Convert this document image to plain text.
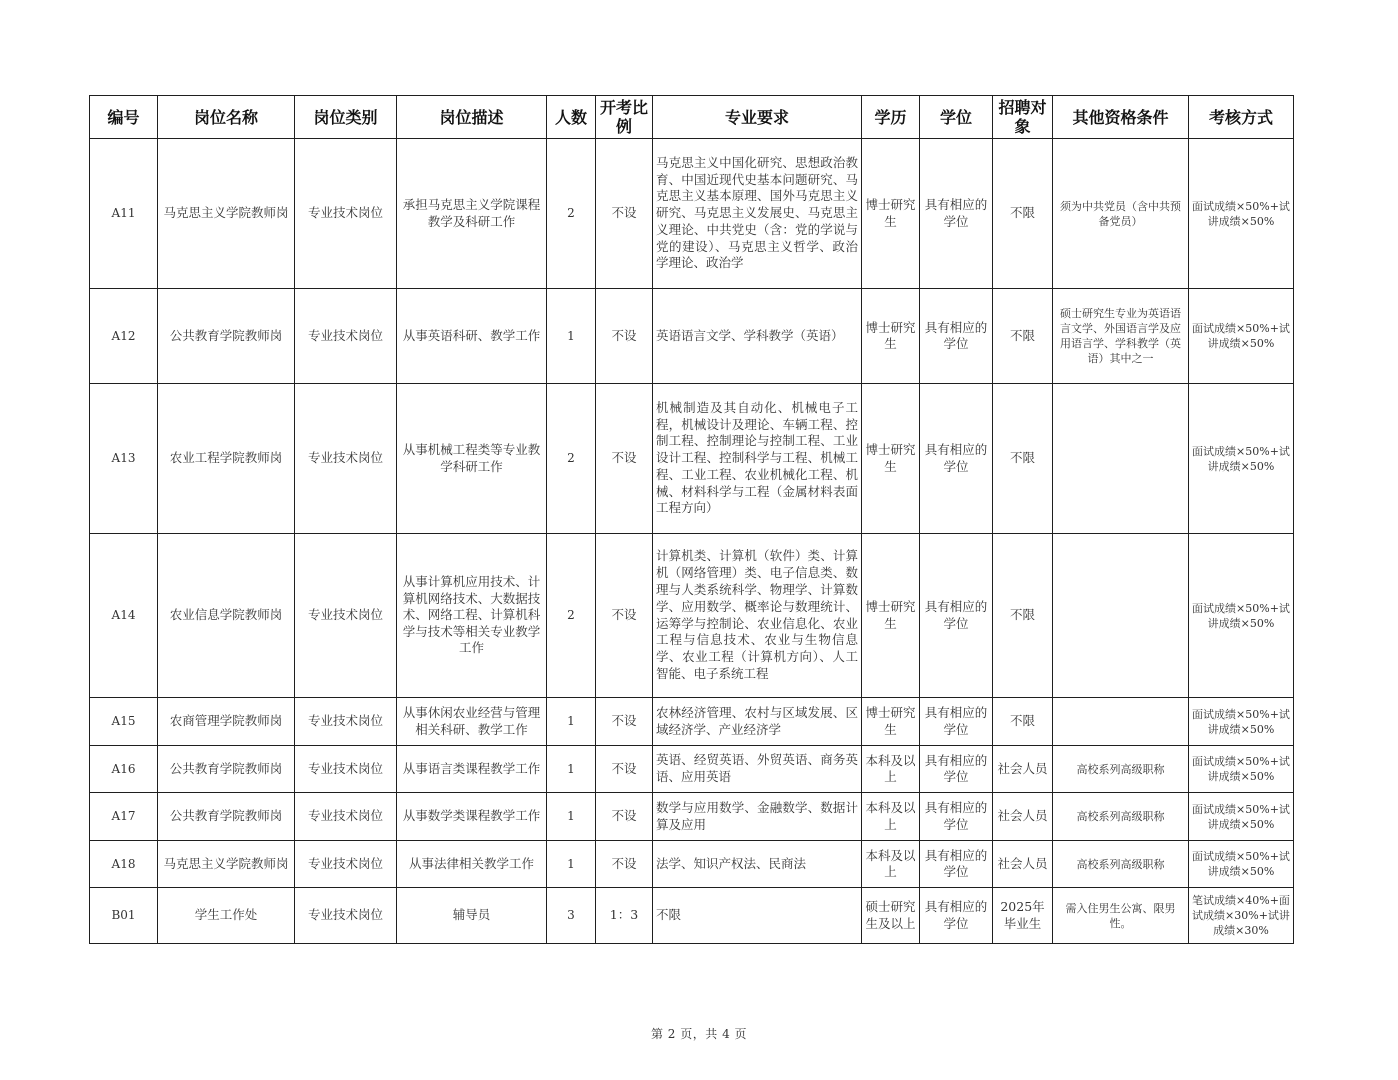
编号	岗位名称	岗位类别	岗位描述	人数	开考比例	专业要求	学历	学位	招聘对象	其他资格条件	考核方式
A11	马克思主义学院教师岗	专业技术岗位	承担马克思主义学院课程教学及科研工作	2	不设	马克思主义中国化研究、思想政治教育、中国近现代史基本问题研究、马克思主义基本原理、国外马克思主义研究、马克思主义发展史、马克思主义理论、中共党史（含：党的学说与党的建设）、马克思主义哲学、政治学理论、政治学	博士研究生	具有相应的学位	不限	须为中共党员（含中共预备党员）	面试成绩×50%+试讲成绩×50%
A12	公共教育学院教师岗	专业技术岗位	从事英语科研、教学工作	1	不设	英语语言文学、学科教学（英语）	博士研究生	具有相应的学位	不限	硕士研究生专业为英语语言文学、外国语言学及应用语言学、学科教学（英语）其中之一	面试成绩×50%+试讲成绩×50%
A13	农业工程学院教师岗	专业技术岗位	从事机械工程类等专业教学科研工作	2	不设	机械制造及其自动化、机械电子工程，机械设计及理论、车辆工程、控制工程、控制理论与控制工程、工业设计工程、控制科学与工程、机械工程、工业工程、农业机械化工程、机械、材料科学与工程（金属材料表面工程方向）	博士研究生	具有相应的学位	不限		面试成绩×50%+试讲成绩×50%
A14	农业信息学院教师岗	专业技术岗位	从事计算机应用技术、计算机网络技术、大数据技术、网络工程、计算机科学与技术等相关专业教学工作	2	不设	计算机类、计算机（软件）类、计算机（网络管理）类、电子信息类、数理与人类系统科学、物理学、计算数学、应用数学、概率论与数理统计、运筹学与控制论、农业信息化、农业工程与信息技术、农业与生物信息学、农业工程（计算机方向）、人工智能、电子系统工程	博士研究生	具有相应的学位	不限		面试成绩×50%+试讲成绩×50%
A15	农商管理学院教师岗	专业技术岗位	从事休闲农业经营与管理相关科研、教学工作	1	不设	农林经济管理、农村与区域发展、区域经济学、产业经济学	博士研究生	具有相应的学位	不限		面试成绩×50%+试讲成绩×50%
A16	公共教育学院教师岗	专业技术岗位	从事语言类课程教学工作	1	不设	英语、经贸英语、外贸英语、商务英语、应用英语	本科及以上	具有相应的学位	社会人员	高校系列高级职称	面试成绩×50%+试讲成绩×50%
A17	公共教育学院教师岗	专业技术岗位	从事数学类课程教学工作	1	不设	数学与应用数学、金融数学、数据计算及应用	本科及以上	具有相应的学位	社会人员	高校系列高级职称	面试成绩×50%+试讲成绩×50%
A18	马克思主义学院教师岗	专业技术岗位	从事法律相关教学工作	1	不设	法学、知识产权法、民商法	本科及以上	具有相应的学位	社会人员	高校系列高级职称	面试成绩×50%+试讲成绩×50%
B01	学生工作处	专业技术岗位	辅导员	3	1：3	不限	硕士研究生及以上	具有相应的学位	2025年毕业生	需入住男生公寓、限男性。	笔试成绩×40%+面试成绩×30%+试讲成绩×30%
第 2 页，共 4 页
